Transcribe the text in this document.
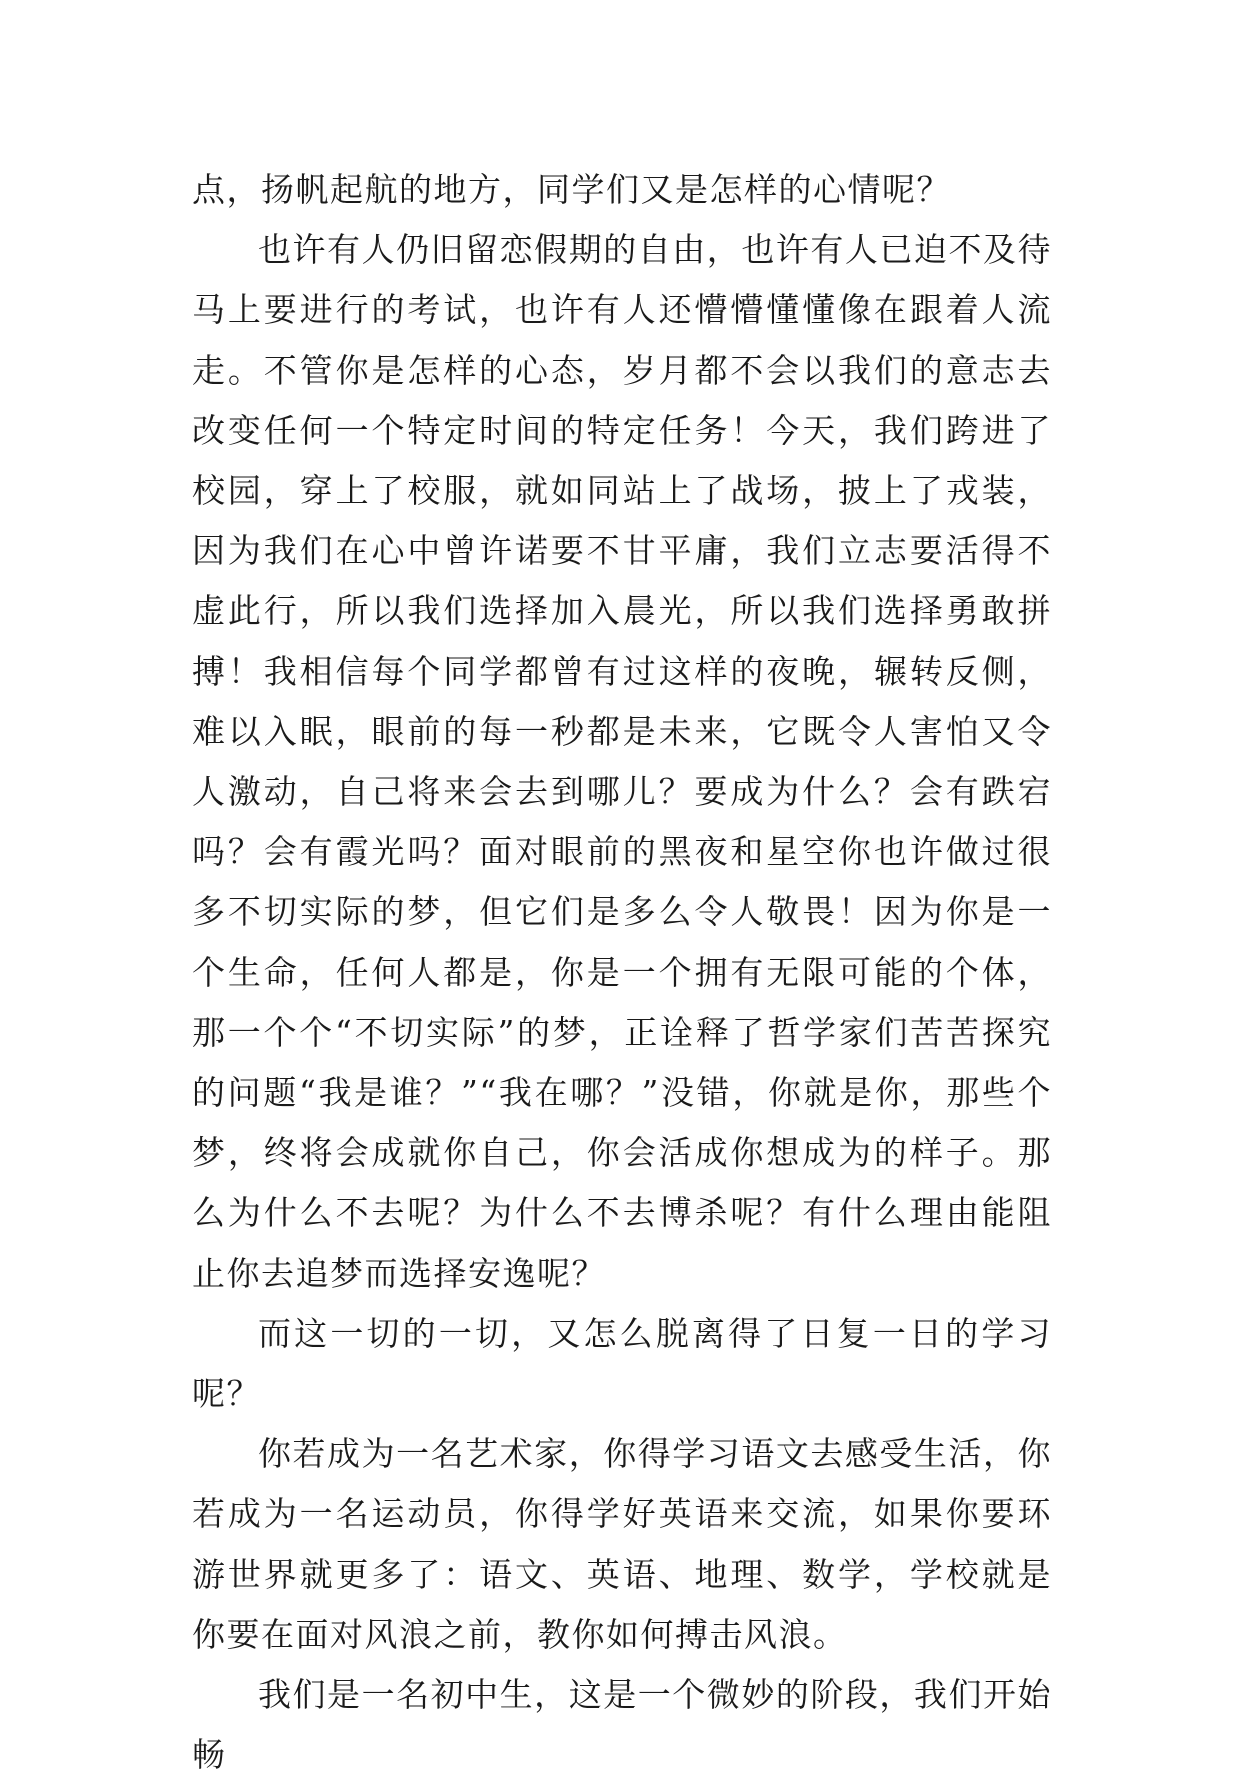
点，扬帆起航的地方，同学们又是怎样的心情呢？

也许有人仍旧留恋假期的自由，也许有人已迫不及待马上要进行的考试，也许有人还懵懵懂懂像在跟着人流走。不管你是怎样的心态，岁月都不会以我们的意志去改变任何一个特定时间的特定任务！今天，我们跨进了校园，穿上了校服，就如同站上了战场，披上了戎装，因为我们在心中曾许诺要不甘平庸，我们立志要活得不虚此行，所以我们选择加入晨光，所以我们选择勇敢拼搏！我相信每个同学都曾有过这样的夜晚，辗转反侧，难以入眠，眼前的每一秒都是未来，它既令人害怕又令人激动，自己将来会去到哪儿？要成为什么？会有跌宕吗？会有霞光吗？面对眼前的黑夜和星空你也许做过很多不切实际的梦，但它们是多么令人敬畏！因为你是一个生命，任何人都是，你是一个拥有无限可能的个体，那一个个“不切实际”的梦，正诠释了哲学家们苦苦探究的问题“我是谁？”“我在哪？”没错，你就是你，那些个梦，终将会成就你自己，你会活成你想成为的样子。那么为什么不去呢？为什么不去博杀呢？有什么理由能阻止你去追梦而选择安逸呢？

而这一切的一切，又怎么脱离得了日复一日的学习呢？

你若成为一名艺术家，你得学习语文去感受生活，你若成为一名运动员，你得学好英语来交流，如果你要环游世界就更多了：语文、英语、地理、数学，学校就是你要在面对风浪之前，教你如何搏击风浪。

我们是一名初中生，这是一个微妙的阶段，我们开始畅
